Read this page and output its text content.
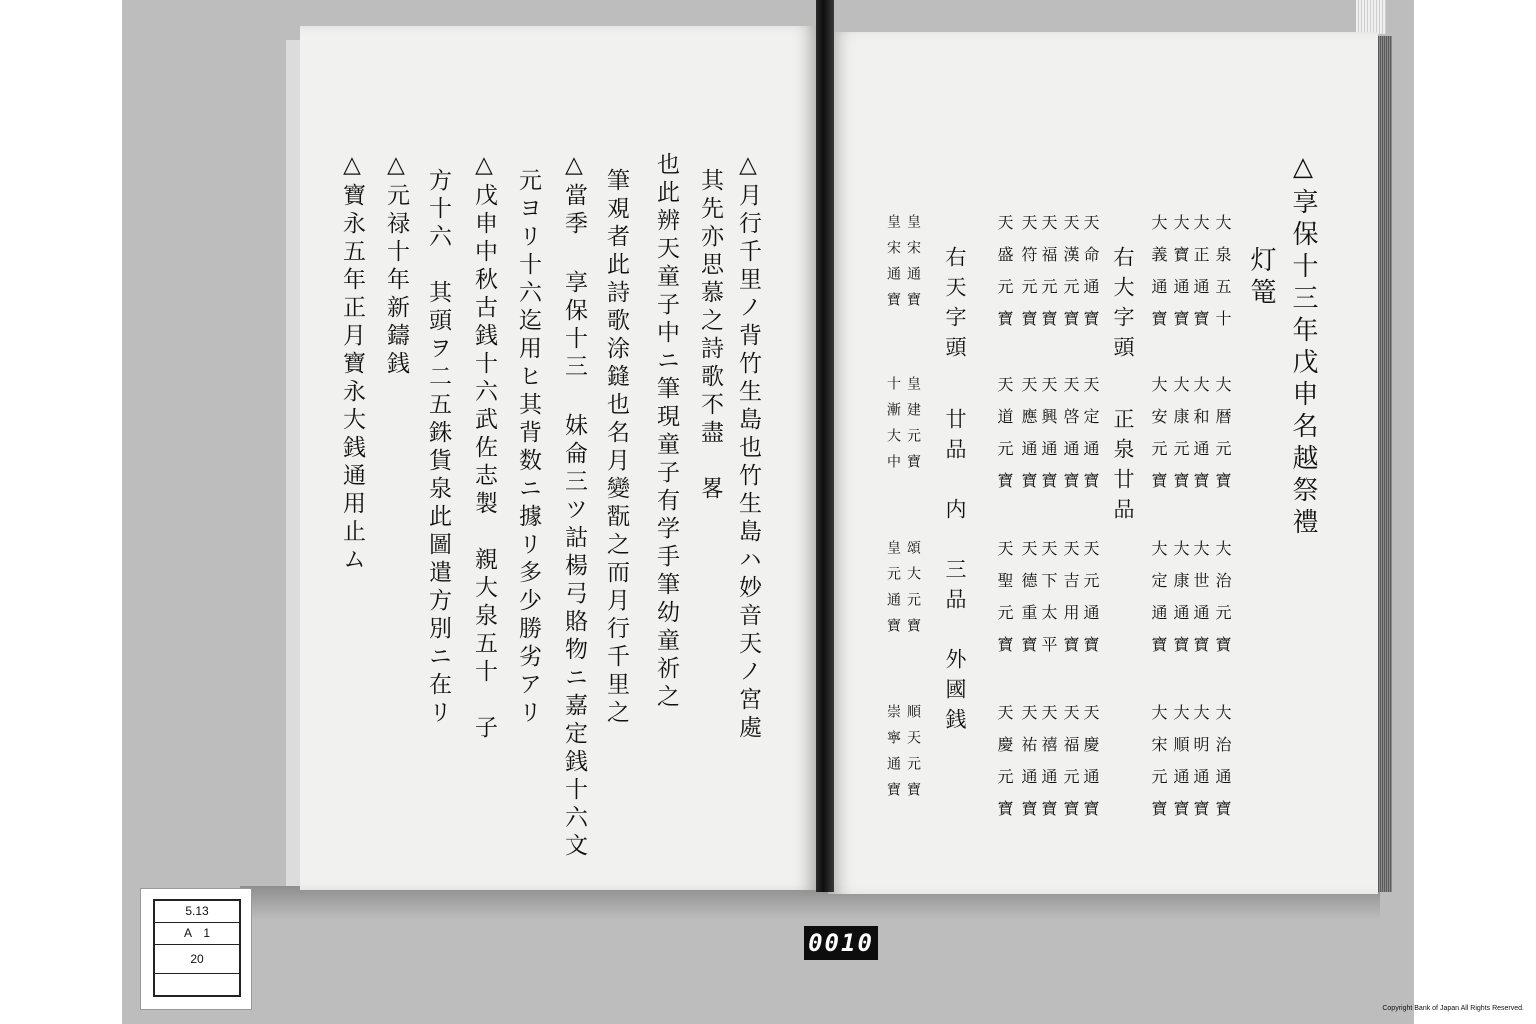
△月行千里ノ背竹生島也竹生島ハ妙音天ノ宮處
也此辨天童子中ニ筆現童子有学手筆幼童祈之
筆覌者此詩歌涂鏠也名月變翫之而月行千里之
△當季 享保十三 妹侖三ツ詁楊弓賂物ニ嘉定銭十六文
元ヨリ十六迄用ヒ其背数ニ據リ多少勝劣アリ
△戊申中秋古銭十六武佐志製　親大泉五十　子
方十六　其頭ヲ二五銖貨泉此圖遣方別ニ在リ
△元禄十年新鑄銭
△寶永五年正月寶永大銭通用止ム	其先亦思慕之詩歌不盡　畧	△享保十三年戊申名越祭禮
灯篭
大泉五十
大正通寶
大暦元寶
大和通寶
大治元寶
大世通寶
大治通寶
大明通寶
大寶通寶
大義通寶
大康元寶
大安元寶
大康通寶
大定通寶
大順通寶
大宋元寶
右大字頭
正泉廿品
天命通寶
天漢元寶
天定通寶
天啓通寶
天元通寶
天吉用寶
天慶通寶
天福元寶
天福元寶
天符元寶
天興通寶
天應通寶
天下太平
天德重寶
天禧通寶
天祐通寶
天盛元寶
天道元寶
天聖元寶
天慶元寶
右天字頭
廿品　内　三品　外國銭
皇宋通寶
皇宋通寶
皇建元寶
十漸大中
頌大元寶
皇元通寶
順天元寶
崇寧通寶
5.13
A　1
20
0010
Copyright Bank of Japan All Rights Reserved.
